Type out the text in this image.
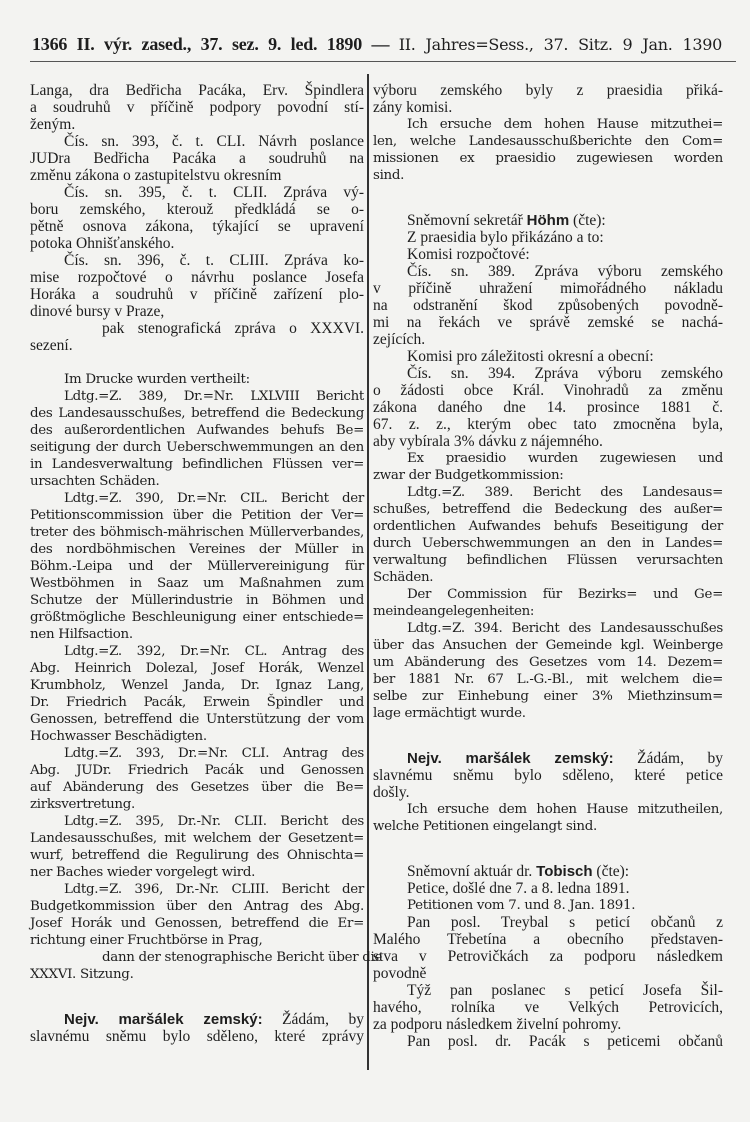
1366 II. výr. zased., 37. sez. 9. led. 1890 — II. Jahres=Sess., 37. Sitz. 9 Jan. 1390
Langa, dra Bedřicha Pacáka, Erv. Špindlera
a soudruhů v příčině podpory povodní stí-
ženým.
Čís. sn. 393, č. t. CLI. Návrh poslance
JUDra Bedřicha Pacáka a soudruhů na
změnu zákona o zastupitelstvu okresním
Čís. sn. 395, č. t. CLII. Zpráva vý-
boru zemského, kterouž předkládá se o-
pětně osnova zákona, týkající se upravení
potoka Ohnišťanského.
Čís. sn. 396, č. t. CLIII. Zpráva ko-
mise rozpočtové o návrhu poslance Josefa
Horáka a soudruhů v příčině zařízení plo-
dinové bursy v Praze,
pak stenografická zpráva o XXXVI.
sezení.
Im Drucke wurden vertheilt:
Ldtg.=Z. 389, Dr.=Nr. LXLVIII Bericht
des Landesausschußes, betreffend die Bedeckung
des außerordentlichen Aufwandes behufs Be=
seitigung der durch Ueberschwemmungen an den
in Landesverwaltung befindlichen Flüssen ver=
ursachten Schäden.
Ldtg.=Z. 390, Dr.=Nr. CIL. Bericht der
Petitionscommission über die Petition der Ver=
treter des böhmisch-mährischen Müllerverbandes,
des nordböhmischen Vereines der Müller in
Böhm.-Leipa und der Müllervereinigung für
Westböhmen in Saaz um Maßnahmen zum
Schutze der Müllerindustrie in Böhmen und
größtmögliche Beschleunigung einer entschiede=
nen Hilfsaction.
Ldtg.=Z. 392, Dr.=Nr. CL. Antrag des
Abg. Heinrich Dolezal, Josef Horák, Wenzel
Krumbholz, Wenzel Janda, Dr. Ignaz Lang,
Dr. Friedrich Pacák, Erwein Špindler und
Genossen, betreffend die Unterstützung der vom
Hochwasser Beschädigten.
Ldtg.=Z. 393, Dr.=Nr. CLI. Antrag des
Abg. JUDr. Friedrich Pacák und Genossen
auf Abänderung des Gesetzes über die Be=
zirksvertretung.
Ldtg.=Z. 395, Dr.-Nr. CLII. Bericht des
Landesausschußes, mit welchem der Gesetzent=
wurf, betreffend die Regulirung des Ohnischta=
ner Baches wieder vorgelegt wird.
Ldtg.=Z. 396, Dr.-Nr. CLIII. Bericht der
Budgetkommission über den Antrag des Abg.
Josef Horák und Genossen, betreffend die Er=
richtung einer Fruchtbörse in Prag,
dann der stenographische Bericht über die
XXXVI. Sitzung.
Nejv. maršálek zemský: Žádám, by
slavnému sněmu bylo sděleno, které zprávy
výboru zemského byly z praesidia přiká-
zány komisi.
Ich ersuche dem hohen Hause mitzuthei=
len, welche Landesausschußberichte den Com=
missionen ex praesidio zugewiesen worden
sind.
Sněmovní sekretář Höhm (čte):
Z praesidia bylo přikázáno a to:
Komisi rozpočtové:
Čís. sn. 389. Zpráva výboru zemského
v příčině uhražení mimořádného nákladu
na odstranění škod způsobených povodně-
mi na řekách ve správě zemské se nachá-
zejících.
Komisi pro záležitosti okresní a obecní:
Čís. sn. 394. Zpráva výboru zemského
o žádosti obce Král. Vinohradů za změnu
zákona daného dne 14. prosince 1881 č.
67. z. z., kterým obec tato zmocněna byla,
aby vybírala 3% dávku z nájemného.
Ex praesidio wurden zugewiesen und
zwar der Budgetkommission:
Ldtg.=Z. 389. Bericht des Landesaus=
schußes, betreffend die Bedeckung des außer=
ordentlichen Aufwandes behufs Beseitigung der
durch Ueberschwemmungen an den in Landes=
verwaltung befindlichen Flüssen verursachten
Schäden.
Der Commission für Bezirks= und Ge=
meindeangelegenheiten:
Ldtg.=Z. 394. Bericht des Landesausschußes
über das Ansuchen der Gemeinde kgl. Weinberge
um Abänderung des Gesetzes vom 14. Dezem=
ber 1881 Nr. 67 L.-G.-Bl., mit welchem die=
selbe zur Einhebung einer 3% Miethzinsum=
lage ermächtigt wurde.
Nejv. maršálek zemský: Žádám, by
slavnému sněmu bylo sděleno, které petice
došly.
Ich ersuche dem hohen Hause mitzutheilen,
welche Petitionen eingelangt sind.
Sněmovní aktuár dr. Tobisch (čte):
Petice, došlé dne 7. a 8. ledna 1891.
Petitionen vom 7. und 8. Jan. 1891.
Pan posl. Treybal s peticí občanů z
Malého Třebetína a obecního představen-
stva v Petrovičkách za podporu následkem
povodně
Týž pan poslanec s peticí Josefa Šil-
havého, rolníka ve Velkých Petrovicích,
za podporu následkem živelní pohromy.
Pan posl. dr. Pacák s peticemi občanů
